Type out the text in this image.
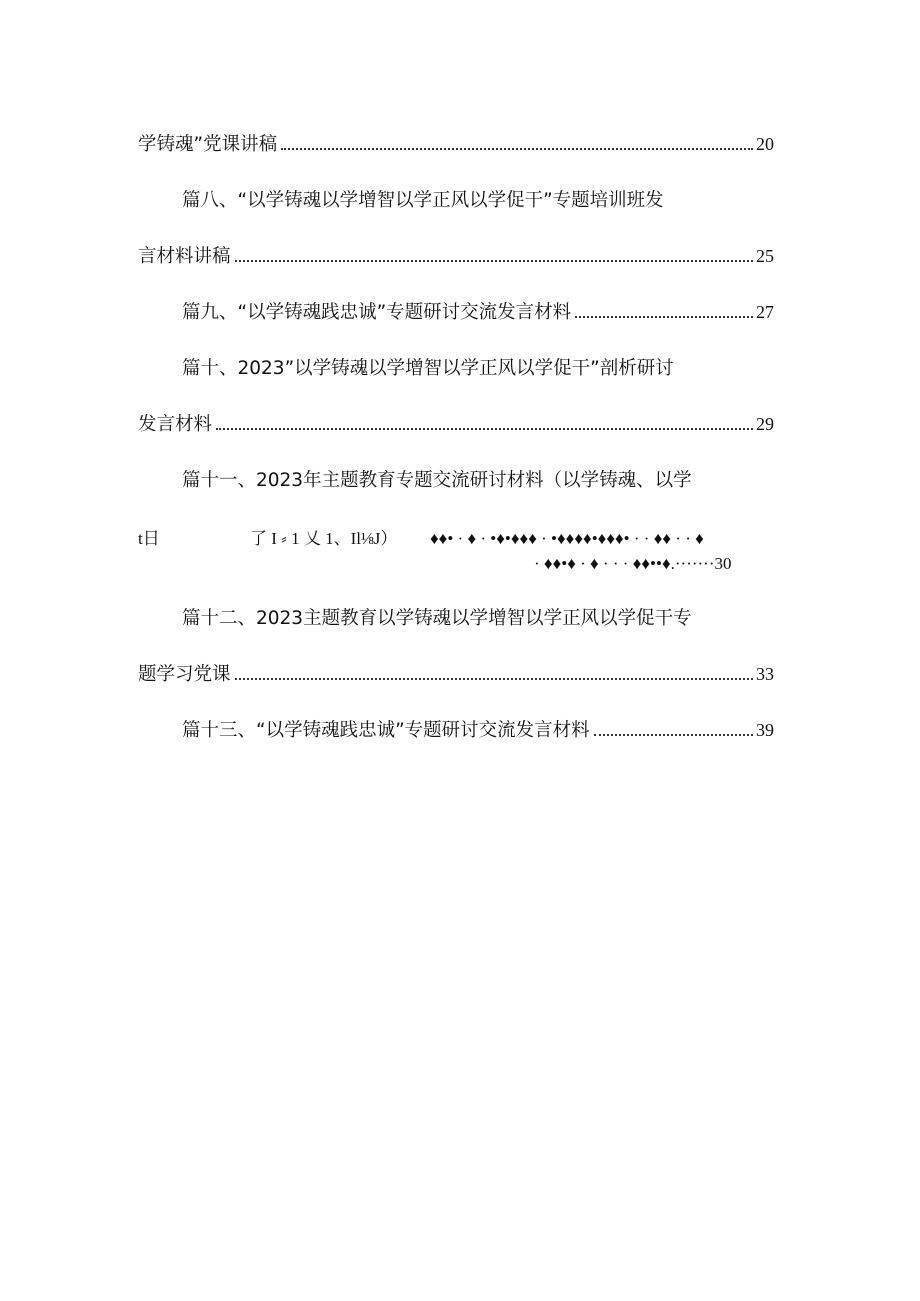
学铸魂”党课讲稿	20
篇八、“以学铸魂以学增智以学正风以学促干”专题培训班发
言材料讲稿	25
篇九、“以学铸魂践忠诚”专题研讨交流发言材料	27
篇十、2023”以学铸魂以学增智以学正风以学促干”剖析研讨
发言材料	29
篇十一、2023年主题教育专题交流研讨材料（以学铸魂、以学
t日	了 I ⸗ 1 乂 1、Il⅛J） ♦♦• · ♦ · •♦•♦♦♦ · •♦♦♦♦•♦♦♦• · · ♦♦ · · ♦
· ♦♦•♦ · ♦ · · · ♦♦••♦.·······30
篇十二、2023主题教育以学铸魂以学增智以学正风以学促干专
题学习党课	33
篇十三、“以学铸魂践忠诚”专题研讨交流发言材料	39
